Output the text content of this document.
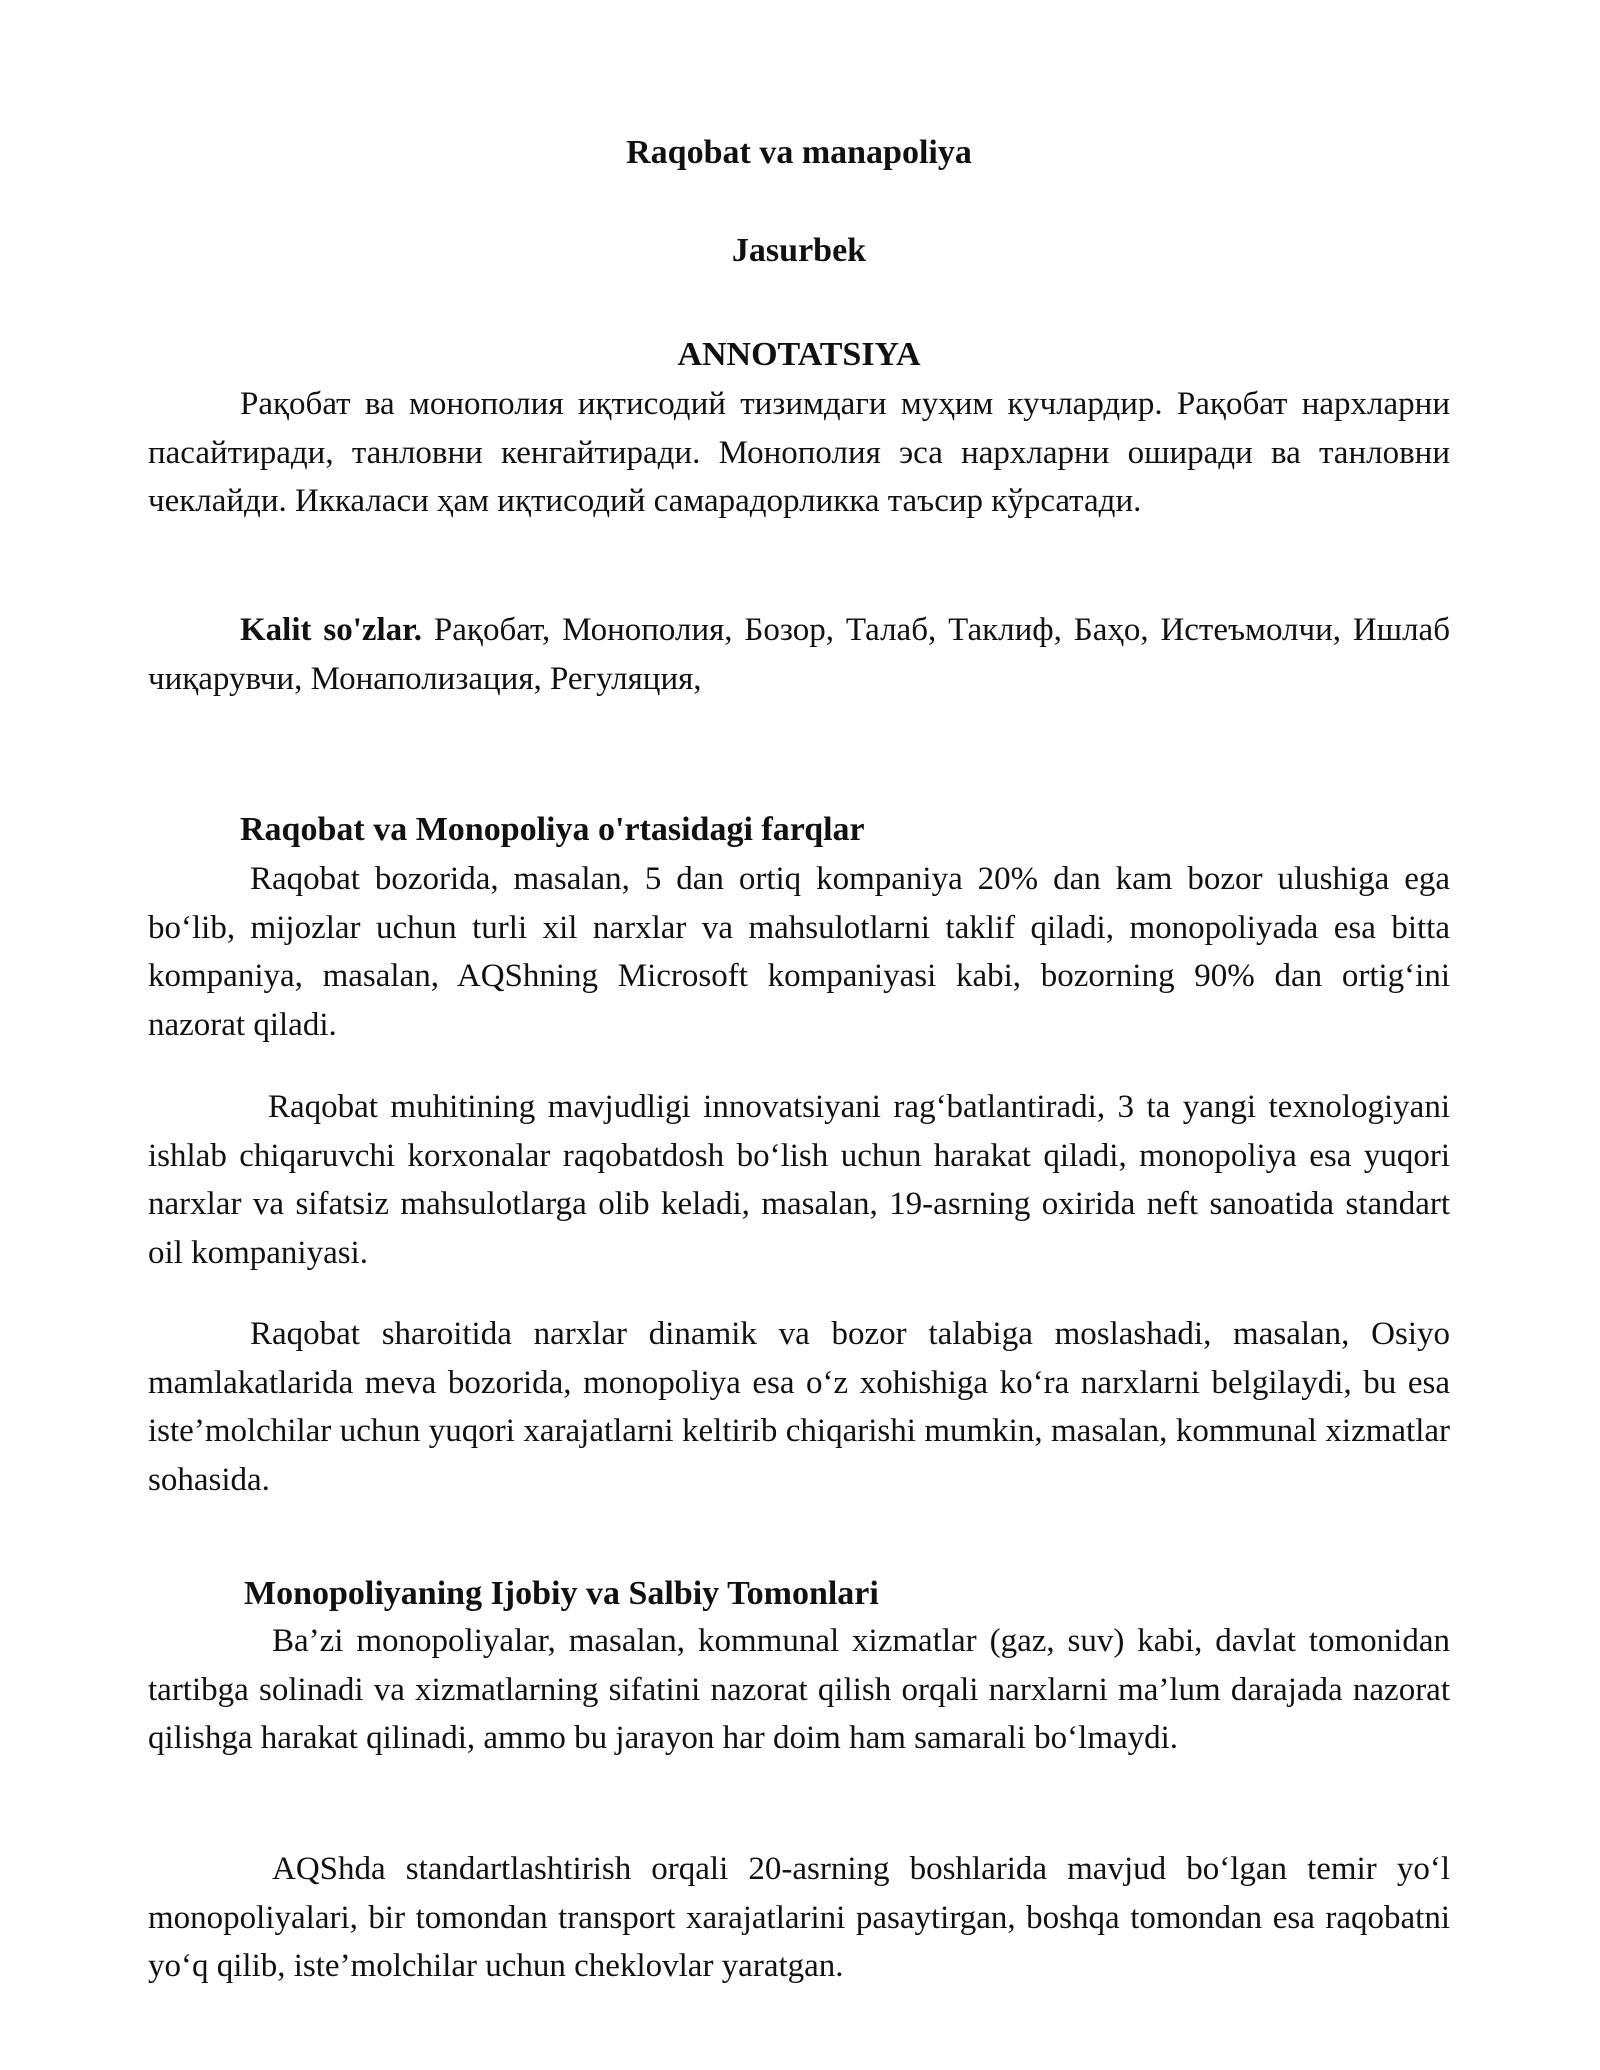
Raqobat va manapoliya
Jasurbek
ANNOTATSIYA

Рақобат ва монополия иқтисодий тизимдаги муҳим кучлардир. Рақобат нархларни пасайтиради, танловни кенгайтиради. Монополия эса нархларни оширади ва танловни чеклайди. Иккаласи ҳам иқтисодий самарадорликка таъсир кўрсатади.

Kalit so'zlar. Рақобат, Монополия, Бозор, Талаб, Таклиф, Баҳо, Истеъмолчи, Ишлаб чиқарувчи, Монаполизация, Регуляция,

Raqobat va Monopoliya o'rtasidagi farqlar

Raqobat bozorida, masalan, 5 dan ortiq kompaniya 20% dan kam bozor ulushiga ega bo‘lib, mijozlar uchun turli xil narxlar va mahsulotlarni taklif qiladi, monopoliyada esa bitta kompaniya, masalan, AQShning Microsoft kompaniyasi kabi, bozorning 90% dan ortig‘ini nazorat qiladi.

Raqobat muhitining mavjudligi innovatsiyani rag‘batlantiradi, 3 ta yangi texnologiyani ishlab chiqaruvchi korxonalar raqobatdosh bo‘lish uchun harakat qiladi, monopoliya esa yuqori narxlar va sifatsiz mahsulotlarga olib keladi, masalan, 19-asrning oxirida neft sanoatida standart oil kompaniyasi.

Raqobat sharoitida narxlar dinamik va bozor talabiga moslashadi, masalan, Osiyo mamlakatlarida meva bozorida, monopoliya esa o‘z xohishiga ko‘ra narxlarni belgilaydi, bu esa iste’molchilar uchun yuqori xarajatlarni keltirib chiqarishi mumkin, masalan, kommunal xizmatlar sohasida.

Monopoliyaning Ijobiy va Salbiy Tomonlari

Ba’zi monopoliyalar, masalan, kommunal xizmatlar (gaz, suv) kabi, davlat tomonidan tartibga solinadi va xizmatlarning sifatini nazorat qilish orqali narxlarni ma’lum darajada nazorat qilishga harakat qilinadi, ammo bu jarayon har doim ham samarali bo‘lmaydi.

AQShda standartlashtirish orqali 20-asrning boshlarida mavjud bo‘lgan temir yo‘l monopoliyalari, bir tomondan transport xarajatlarini pasaytirgan, boshqa tomondan esa raqobatni yo‘q qilib, iste’molchilar uchun cheklovlar yaratgan.
